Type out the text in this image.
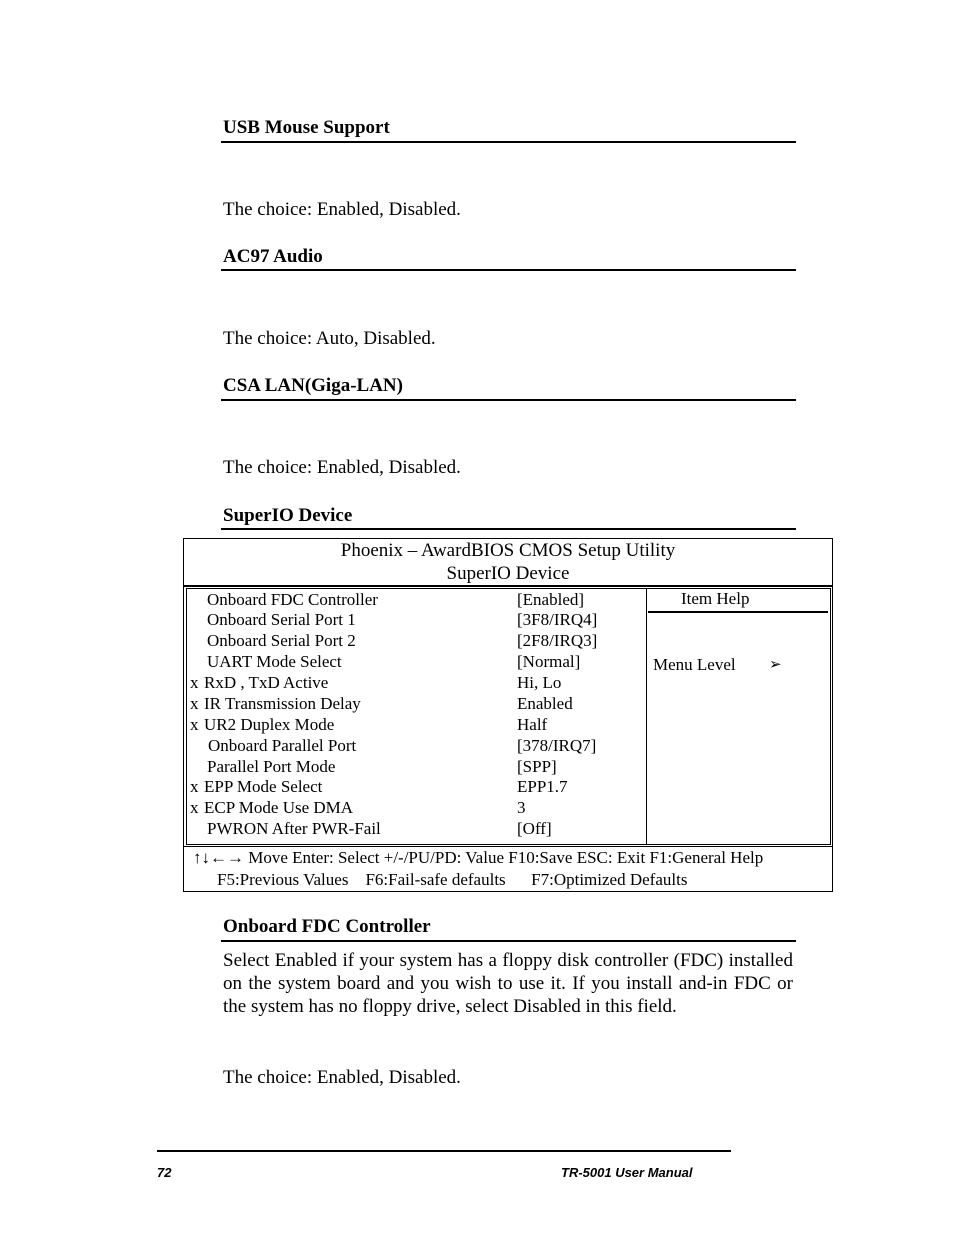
USB Mouse Support
The choice: Enabled, Disabled.
AC97 Audio
The choice: Auto, Disabled.
CSA LAN(Giga-LAN)
The choice: Enabled, Disabled.
SuperIO Device
Phoenix – AwardBIOS CMOS Setup Utility
SuperIO Device
Onboard FDC Controller	[Enabled]
Onboard Serial Port 1	[3F8/IRQ4]
Onboard Serial Port 2	[2F8/IRQ3]
UART Mode Select	[Normal]
x RxD , TxD Active	Hi, Lo
x IR Transmission Delay	Enabled
x UR2 Duplex Mode	Half
Onboard Parallel Port	[378/IRQ7]
Parallel Port Mode	[SPP]
x EPP Mode Select	EPP1.7
x ECP Mode Use DMA	3
PWRON After PWR-Fail	[Off]
Item Help
Menu Level ➢
↑↓←→ Move Enter: Select +/-/PU/PD: Value F10:Save ESC: Exit F1:General Help
F5:Previous Values    F6:Fail-safe defaults      F7:Optimized Defaults
Onboard FDC Controller
Select Enabled if your system has a floppy disk controller (FDC) installed on the system board and you wish to use it. If you install and-in FDC or the system has no floppy drive, select Disabled in this field.
The choice: Enabled, Disabled.
72	TR-5001 User Manual
